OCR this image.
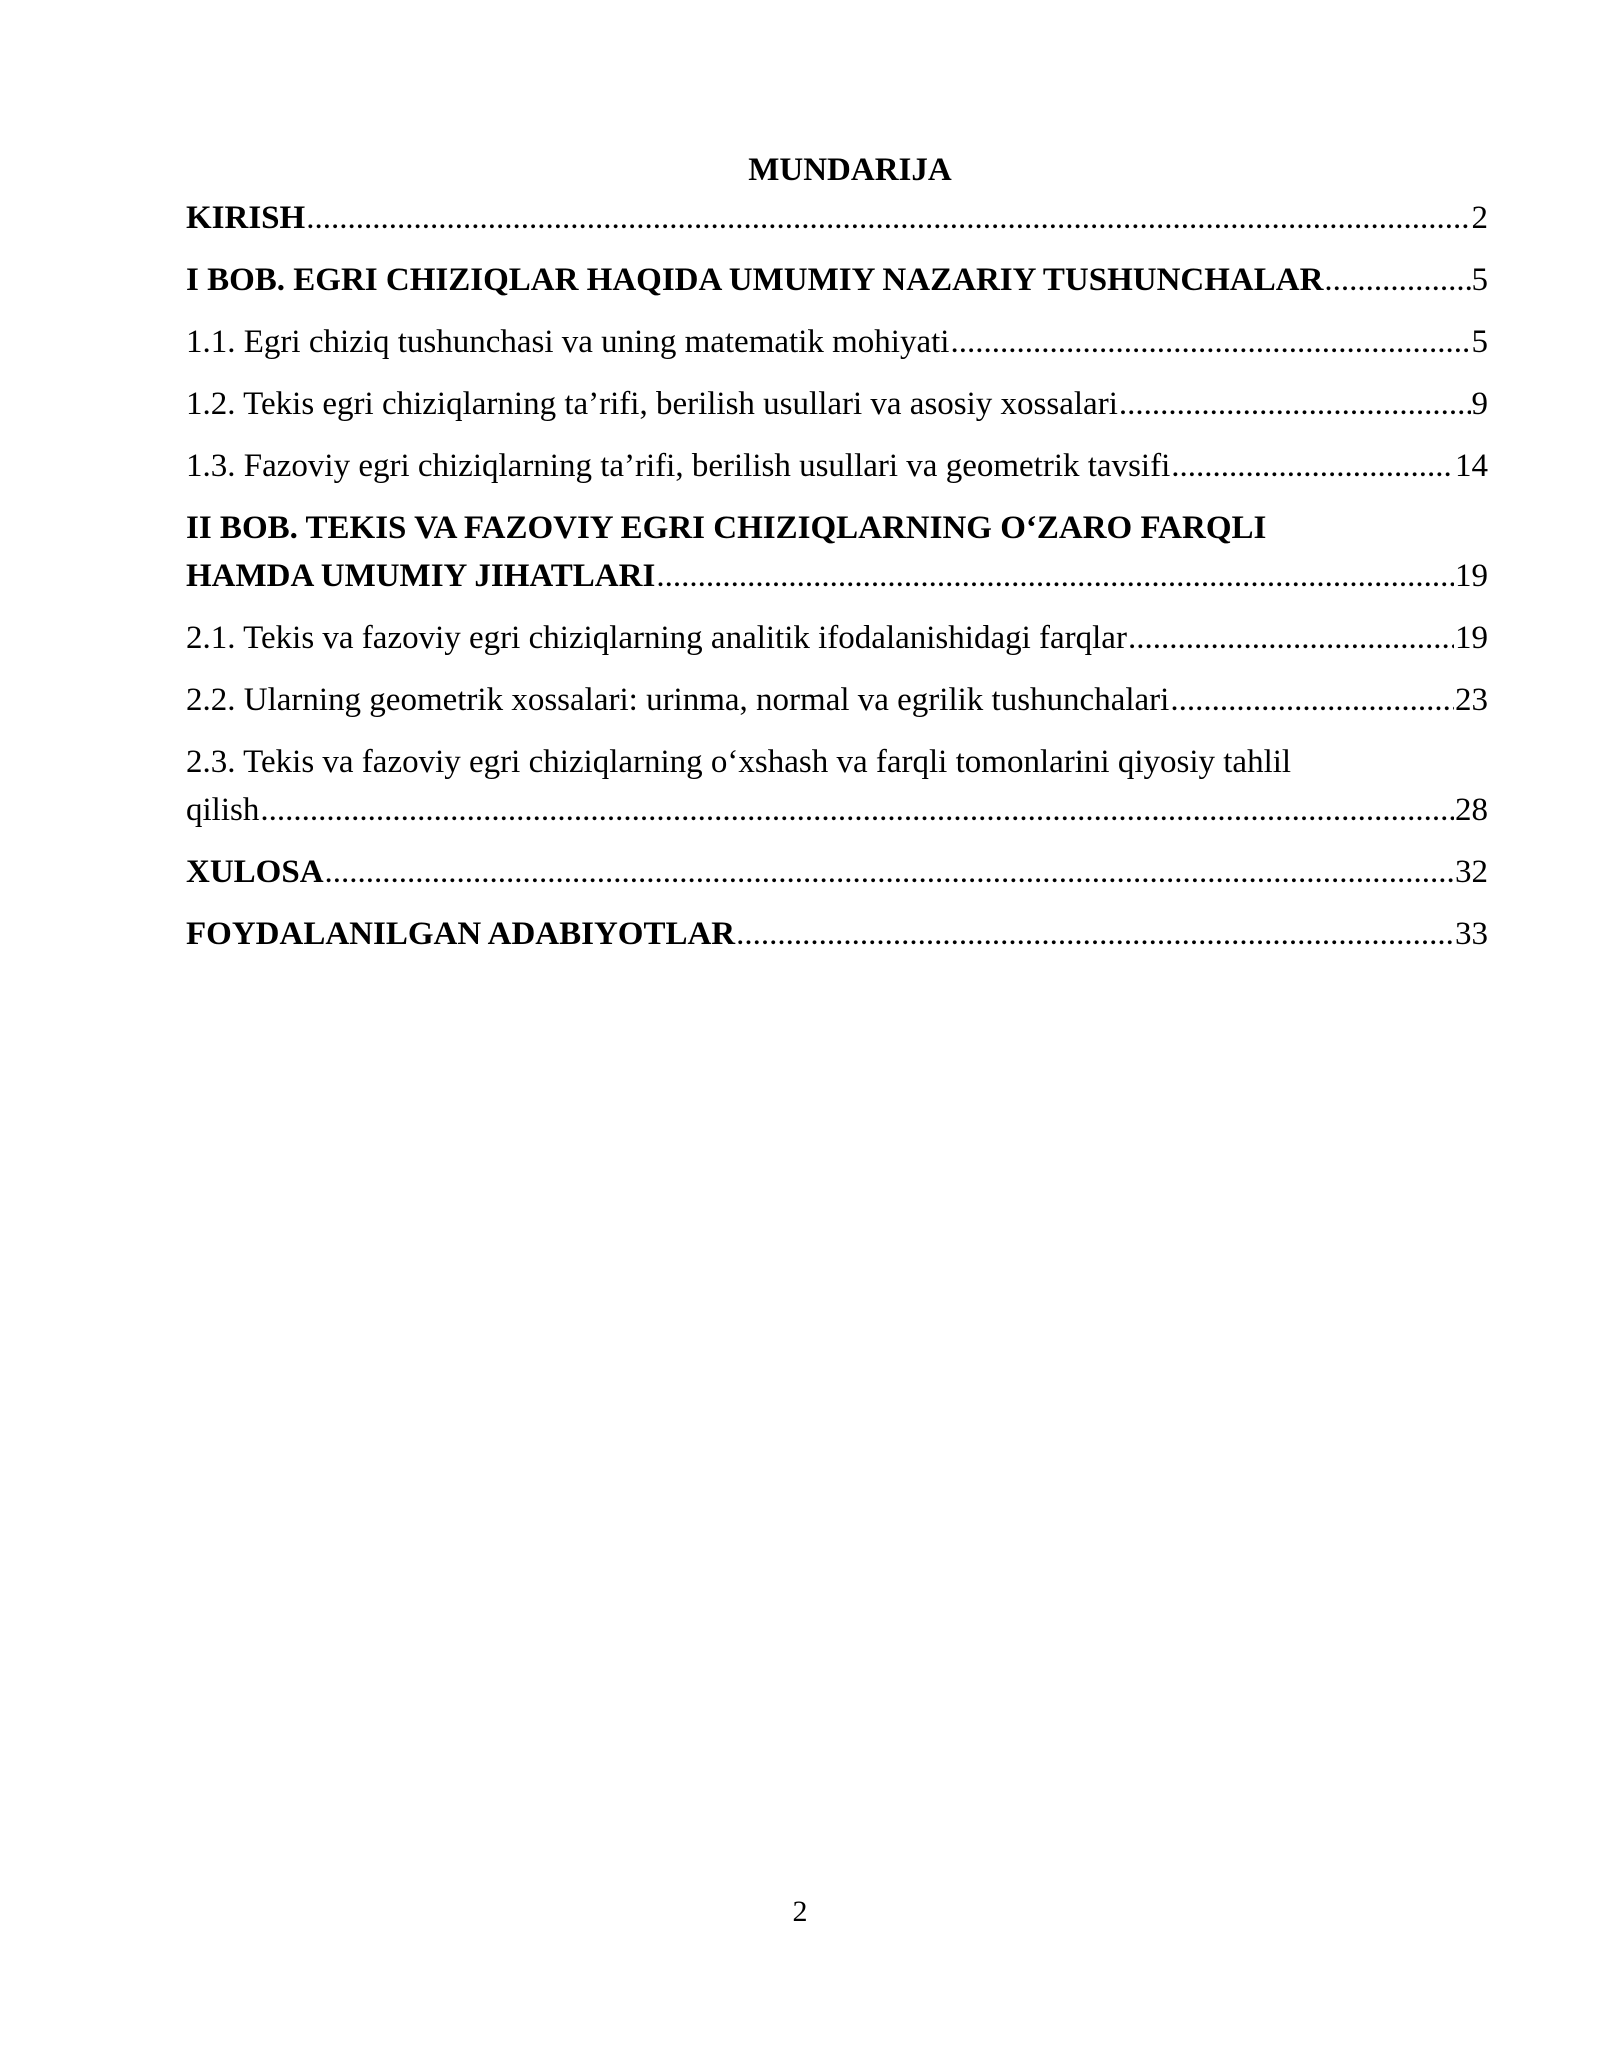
MUNDARIJA
KIRISH .....	2
I BOB. EGRI CHIZIQLAR HAQIDA UMUMIY NAZARIY TUSHUNCHALAR .....	5
1.1. Egri chiziq tushunchasi va uning matematik mohiyati .....	5
1.2. Tekis egri chiziqlarning ta’rifi, berilish usullari va asosiy xossalari .....	9
1.3. Fazoviy egri chiziqlarning ta’rifi, berilish usullari va geometrik tavsifi .....	14
II BOB. TEKIS VA FAZOVIY EGRI CHIZIQLARNING O‘ZARO FARQLI
HAMDA UMUMIY JIHATLARI .....	19
2.1. Tekis va fazoviy egri chiziqlarning analitik ifodalanishidagi farqlar .....	19
2.2. Ularning geometrik xossalari: urinma, normal va egrilik tushunchalari .....	23
2.3. Tekis va fazoviy egri chiziqlarning o‘xshash va farqli tomonlarini qiyosiy tahlil
qilish .....	28
XULOSA .....	32
FOYDALANILGAN ADABIYOTLAR .....	33
2
